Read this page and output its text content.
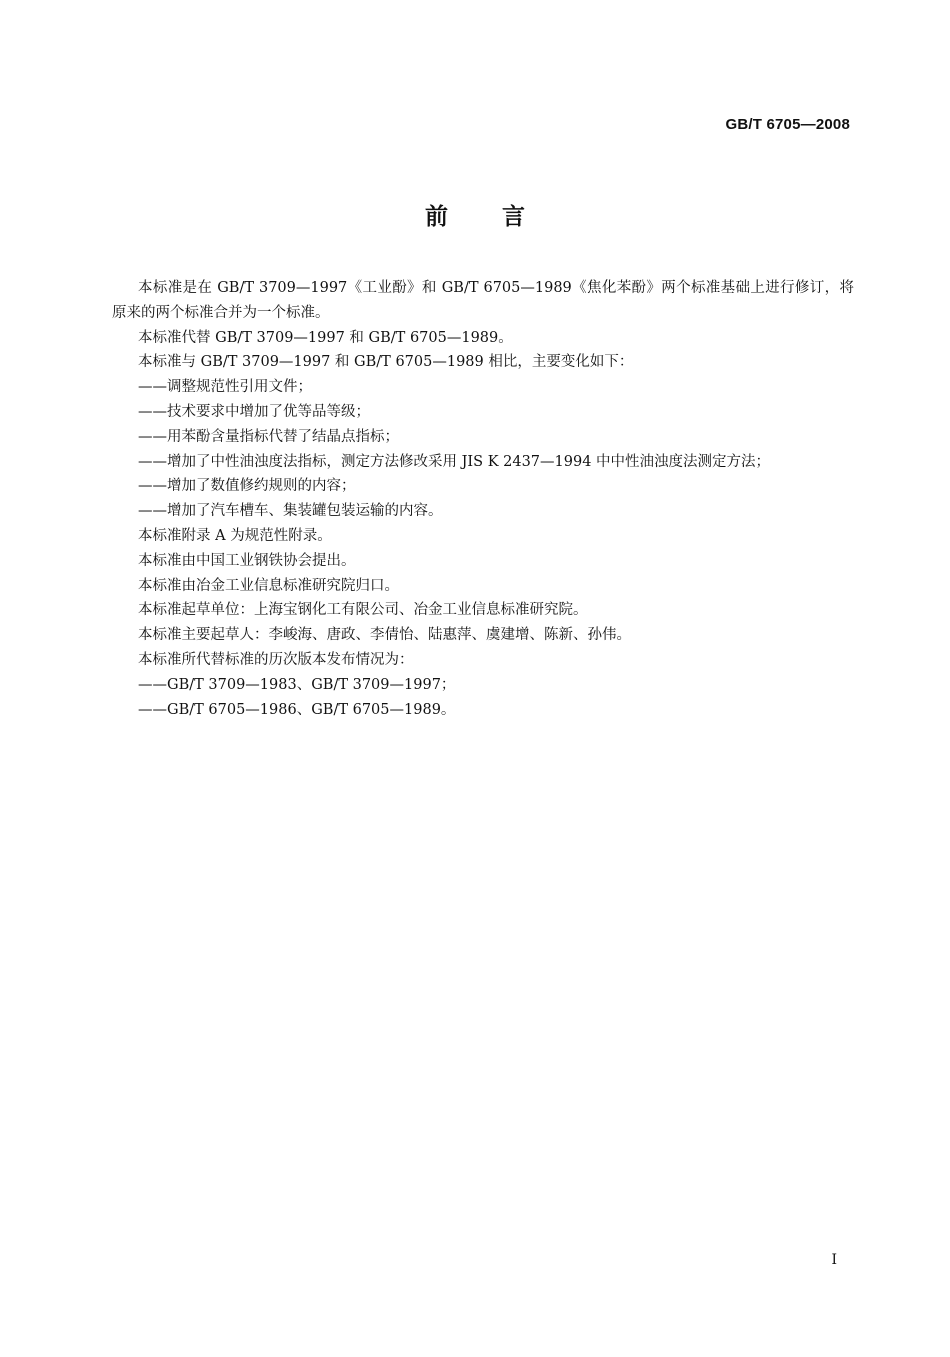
GB/T 6705—2008
前言

本标准是在 GB/T 3709—1997《工业酚》和 GB/T 6705—1989《焦化苯酚》两个标准基础上进行修订，将原来的两个标准合并为一个标准。

本标准代替 GB/T 3709—1997 和 GB/T 6705—1989。

本标准与 GB/T 3709—1997 和 GB/T 6705—1989 相比，主要变化如下：

——调整规范性引用文件；

——技术要求中增加了优等品等级；

——用苯酚含量指标代替了结晶点指标；

——增加了中性油浊度法指标，测定方法修改采用 JIS K 2437—1994 中中性油浊度法测定方法；

——增加了数值修约规则的内容；

——增加了汽车槽车、集装罐包装运输的内容。

本标准附录 A 为规范性附录。

本标准由中国工业钢铁协会提出。

本标准由冶金工业信息标准研究院归口。

本标准起草单位：上海宝钢化工有限公司、冶金工业信息标准研究院。

本标准主要起草人：李峻海、唐政、李倩怡、陆惠萍、虞建增、陈新、孙伟。

本标准所代替标准的历次版本发布情况为：

——GB/T 3709—1983、GB/T 3709—1997；

——GB/T 6705—1986、GB/T 6705—1989。

I
